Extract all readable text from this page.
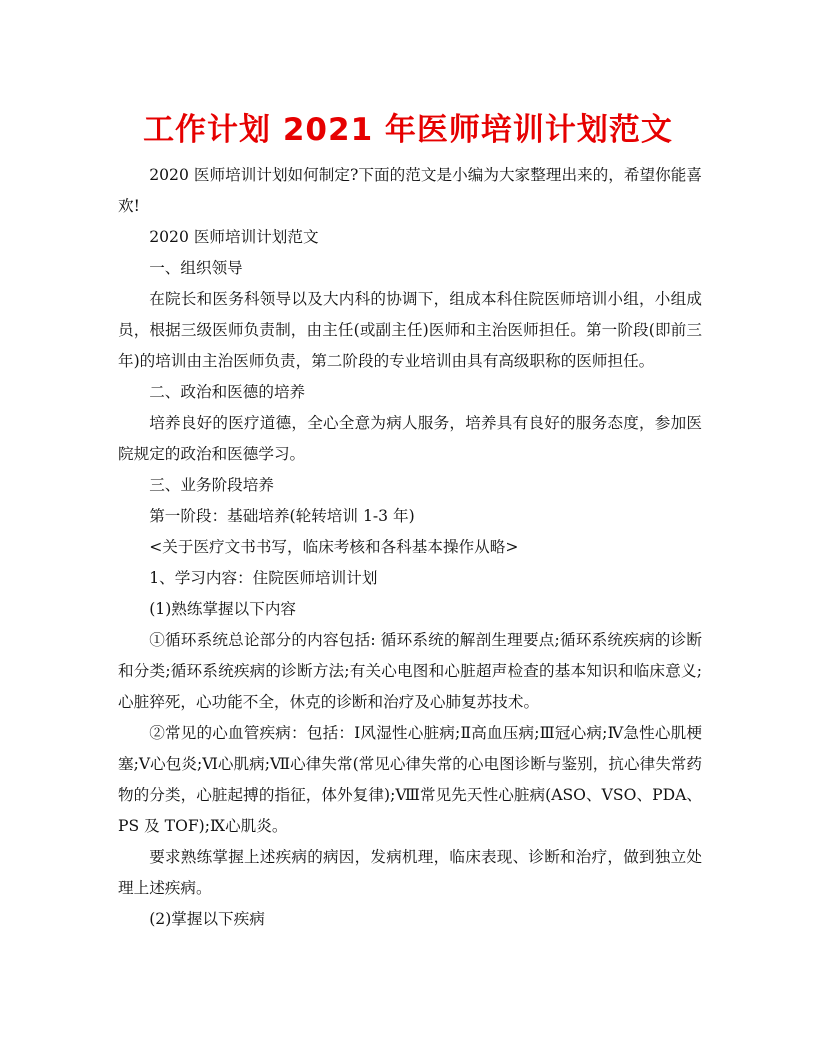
工作计划 2021 年医师培训计划范文

2020 医师培训计划如何制定?下面的范文是小编为大家整理出来的，希望你能喜欢!

2020 医师培训计划范文

一、组织领导

在院长和医务科领导以及大内科的协调下，组成本科住院医师培训小组，小组成员，根据三级医师负责制，由主任(或副主任)医师和主治医师担任。第一阶段(即前三年)的培训由主治医师负责，第二阶段的专业培训由具有高级职称的医师担任。

二、政治和医德的培养

培养良好的医疗道德，全心全意为病人服务，培养具有良好的服务态度，参加医院规定的政治和医德学习。

三、业务阶段培养

第一阶段：基础培养(轮转培训 1-3 年)

<关于医疗文书书写，临床考核和各科基本操作从略>

1、学习内容：住院医师培训计划

(1)熟练掌握以下内容

①循环系统总论部分的内容包括: 循环系统的解剖生理要点;循环系统疾病的诊断和分类;循环系统疾病的诊断方法;有关心电图和心脏超声检查的基本知识和临床意义;心脏猝死，心功能不全，休克的诊断和治疗及心肺复苏技术。

②常见的心血管疾病：包括：Ⅰ风湿性心脏病;Ⅱ高血压病;Ⅲ冠心病;Ⅳ急性心肌梗塞;Ⅴ心包炎;Ⅵ心肌病;Ⅶ心律失常(常见心律失常的心电图诊断与鉴别，抗心律失常药物的分类，心脏起搏的指征，体外复律);Ⅷ常见先天性心脏病(ASO、VSO、PDA、PS 及 TOF);Ⅸ心肌炎。

要求熟练掌握上述疾病的病因，发病机理，临床表现、诊断和治疗，做到独立处理上述疾病。

(2)掌握以下疾病
